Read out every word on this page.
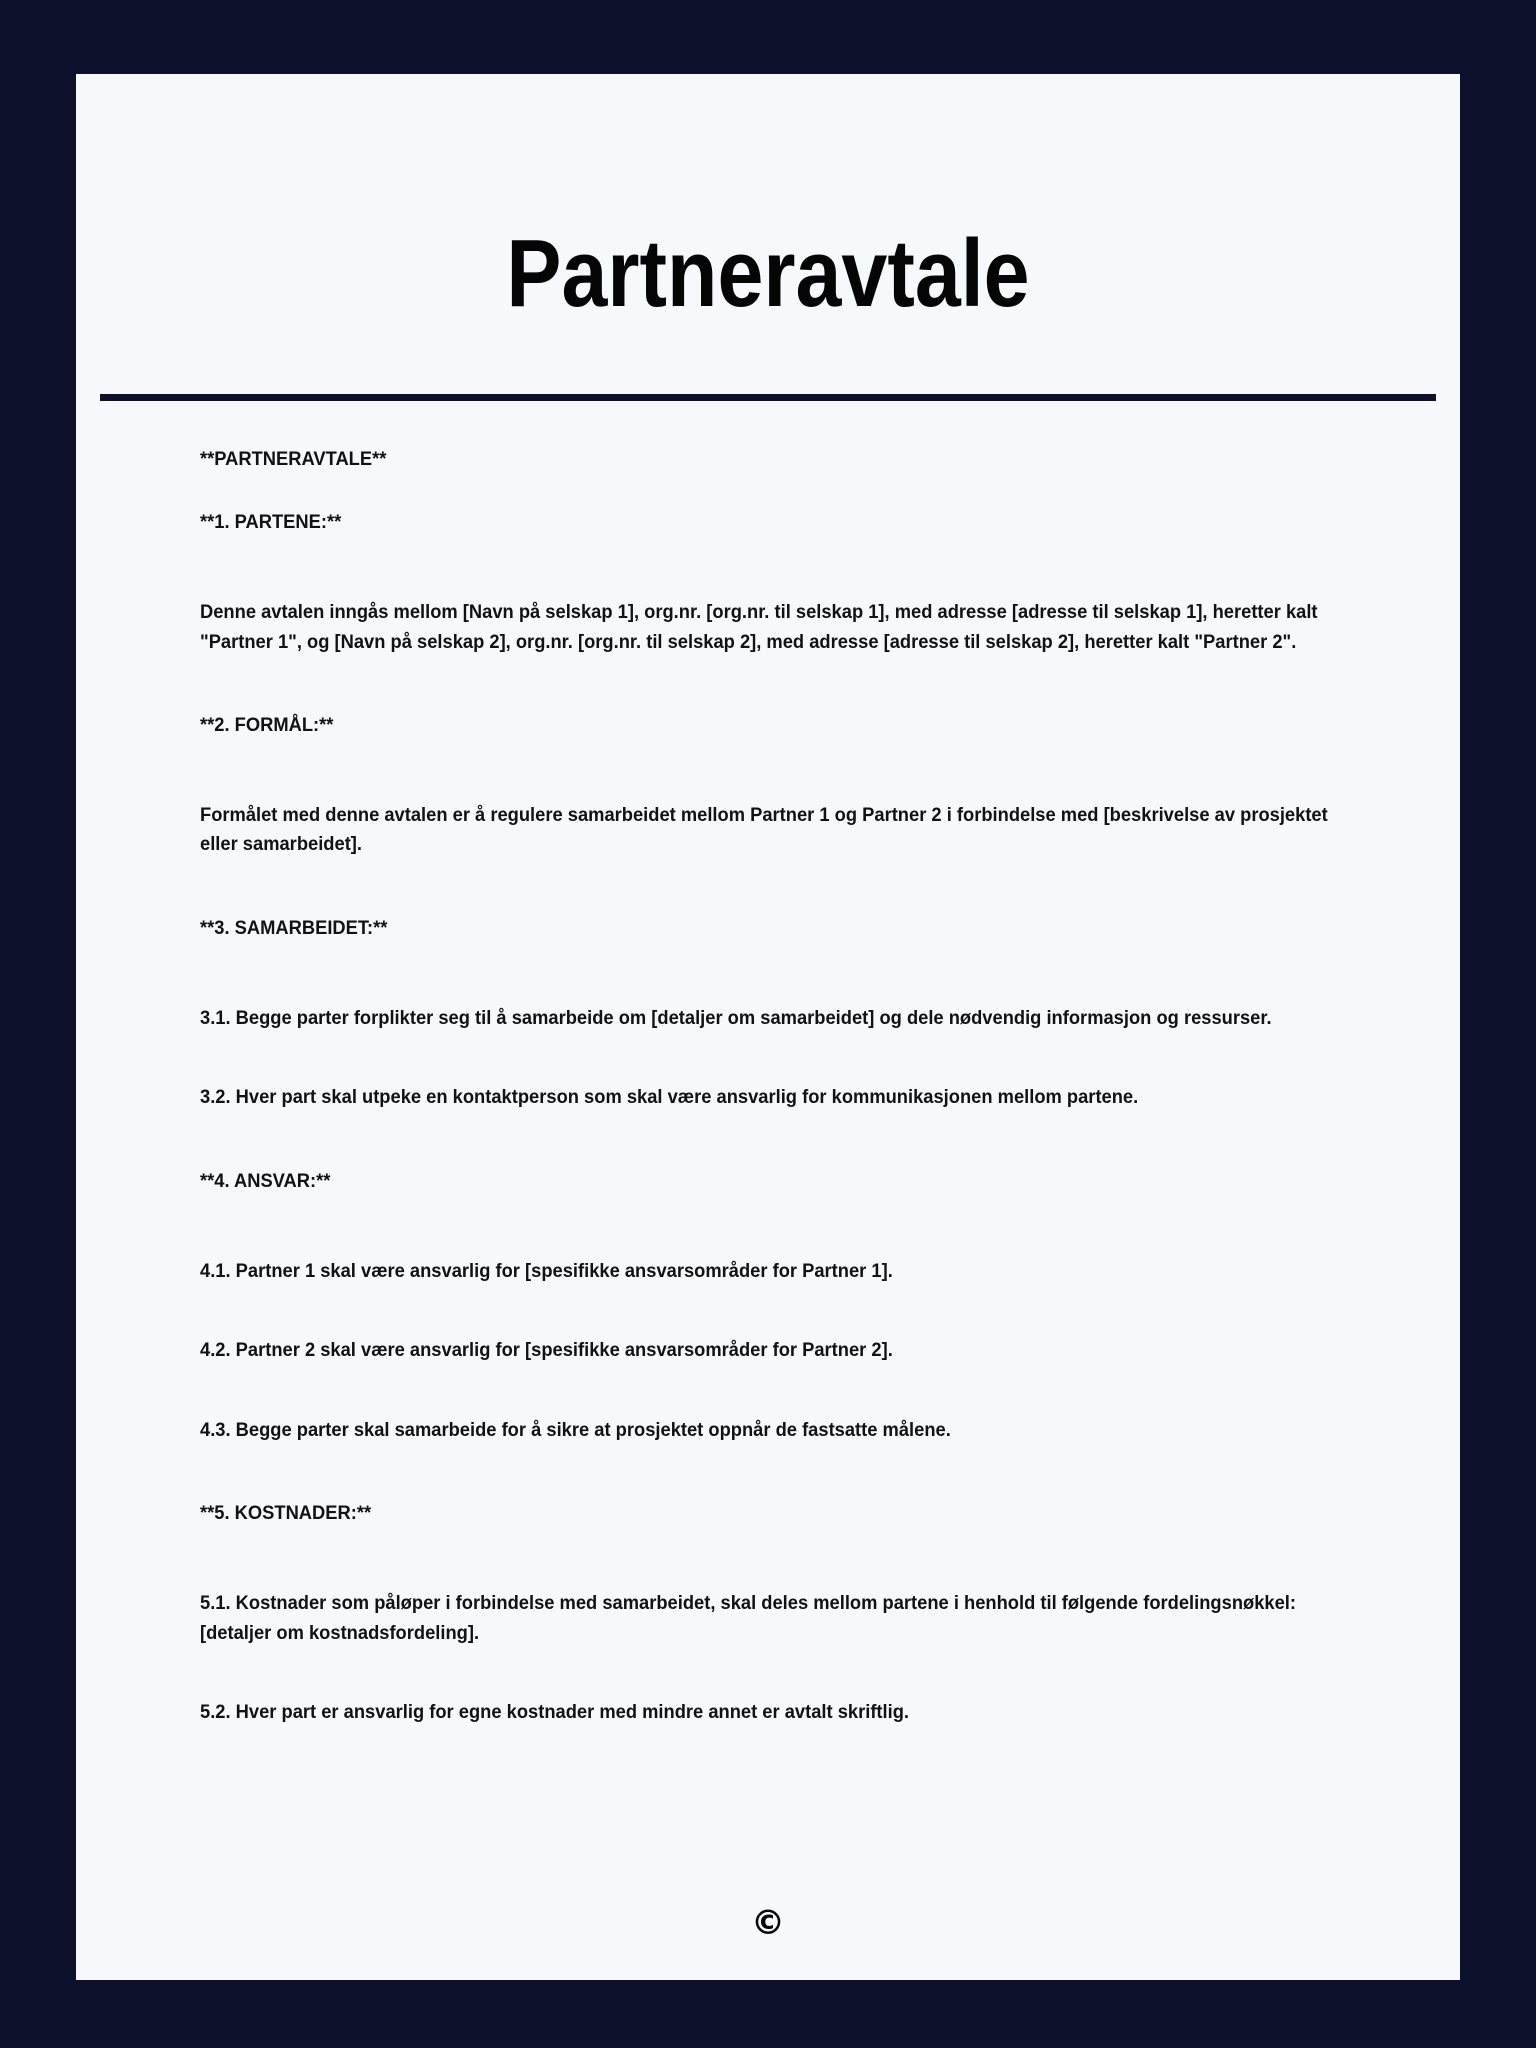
Partneravtale
**PARTNERAVTALE**
**1. PARTENE:**
Denne avtalen inngås mellom [Navn på selskap 1], org.nr. [org.nr. til selskap 1], med adresse [adresse til selskap 1], heretter kalt "Partner 1", og [Navn på selskap 2], org.nr. [org.nr. til selskap 2], med adresse [adresse til selskap 2], heretter kalt "Partner 2".
**2. FORMÅL:**
Formålet med denne avtalen er å regulere samarbeidet mellom Partner 1 og Partner 2 i forbindelse med [beskrivelse av prosjektet eller samarbeidet].
**3. SAMARBEIDET:**
3.1. Begge parter forplikter seg til å samarbeide om [detaljer om samarbeidet] og dele nødvendig informasjon og ressurser.
3.2. Hver part skal utpeke en kontaktperson som skal være ansvarlig for kommunikasjonen mellom partene.
**4. ANSVAR:**
4.1. Partner 1 skal være ansvarlig for [spesifikke ansvarsområder for Partner 1].
4.2. Partner 2 skal være ansvarlig for [spesifikke ansvarsområder for Partner 2].
4.3. Begge parter skal samarbeide for å sikre at prosjektet oppnår de fastsatte målene.
**5. KOSTNADER:**
5.1. Kostnader som påløper i forbindelse med samarbeidet, skal deles mellom partene i henhold til følgende fordelingsnøkkel: [detaljer om kostnadsfordeling].
5.2. Hver part er ansvarlig for egne kostnader med mindre annet er avtalt skriftlig.
©
